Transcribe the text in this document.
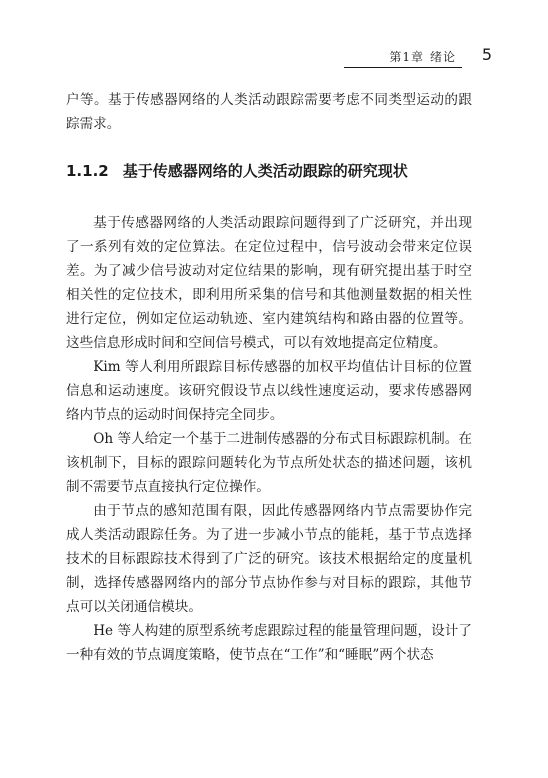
第1章 绪论 5
户等。基于传感器网络的人类活动跟踪需要考虑不同类型运动的跟踪需求。
1.1.2 基于传感器网络的人类活动跟踪的研究现状

基于传感器网络的人类活动跟踪问题得到了广泛研究，并出现了一系列有效的定位算法。在定位过程中，信号波动会带来定位误差。为了减少信号波动对定位结果的影响，现有研究提出基于时空相关性的定位技术，即利用所采集的信号和其他测量数据的相关性进行定位，例如定位运动轨迹、室内建筑结构和路由器的位置等。这些信息形成时间和空间信号模式，可以有效地提高定位精度。

Kim 等人利用所跟踪目标传感器的加权平均值估计目标的位置信息和运动速度。该研究假设节点以线性速度运动，要求传感器网络内节点的运动时间保持完全同步。

Oh 等人给定一个基于二进制传感器的分布式目标跟踪机制。在该机制下，目标的跟踪问题转化为节点所处状态的描述问题，该机制不需要节点直接执行定位操作。

由于节点的感知范围有限，因此传感器网络内节点需要协作完成人类活动跟踪任务。为了进一步减小节点的能耗，基于节点选择技术的目标跟踪技术得到了广泛的研究。该技术根据给定的度量机制，选择传感器网络内的部分节点协作参与对目标的跟踪，其他节点可以关闭通信模块。

He 等人构建的原型系统考虑跟踪过程的能量管理问题，设计了一种有效的节点调度策略，使节点在“工作”和“睡眠”两个状态
